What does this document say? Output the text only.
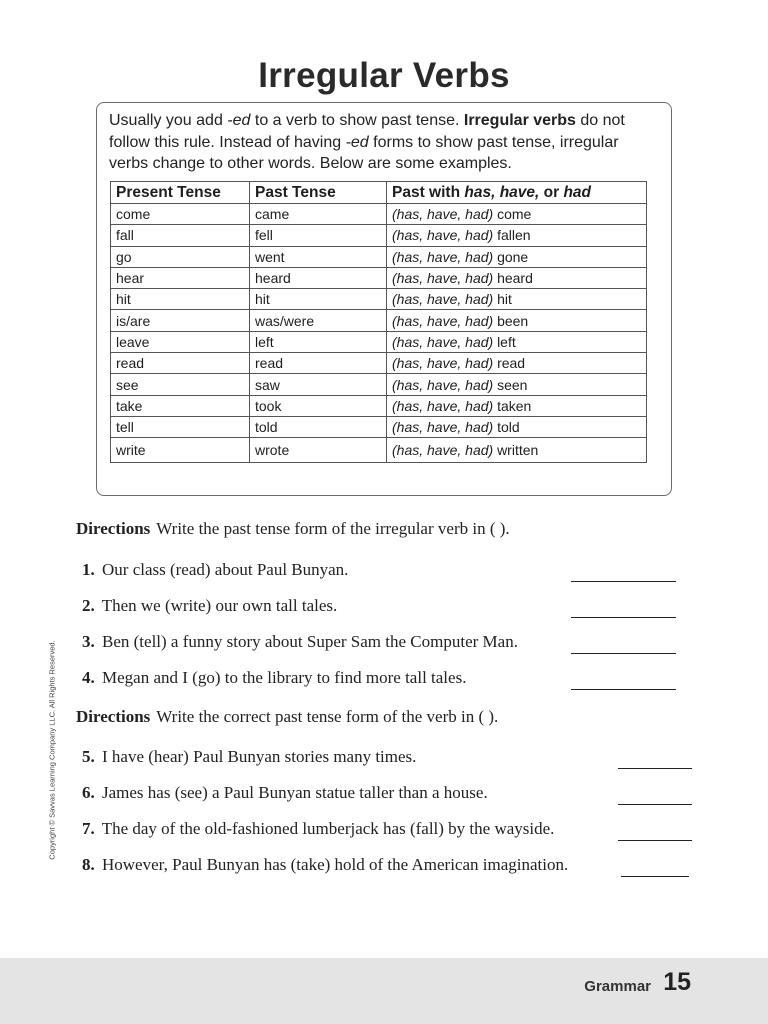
Irregular Verbs
Usually you add -ed to a verb to show past tense. Irregular verbs do not follow this rule. Instead of having -ed forms to show past tense, irregular verbs change to other words. Below are some examples.
Present Tense	Past Tense	Past with has, have, or had
come	came	(has, have, had) come
fall	fell	(has, have, had) fallen
go	went	(has, have, had) gone
hear	heard	(has, have, had) heard
hit	hit	(has, have, had) hit
is/are	was/were	(has, have, had) been
leave	left	(has, have, had) left
read	read	(has, have, had) read
see	saw	(has, have, had) seen
take	took	(has, have, had) taken
tell	told	(has, have, had) told
write	wrote	(has, have, had) written
Directions Write the past tense form of the irregular verb in ( ).
1. Our class (read) about Paul Bunyan.
2. Then we (write) our own tall tales.
3. Ben (tell) a funny story about Super Sam the Computer Man.
4. Megan and I (go) to the library to find more tall tales.
Directions Write the correct past tense form of the verb in ( ).
5. I have (hear) Paul Bunyan stories many times.
6. James has (see) a Paul Bunyan statue taller than a house.
7. The day of the old-fashioned lumberjack has (fall) by the wayside.
8. However, Paul Bunyan has (take) hold of the American imagination.
Copyright © Savvas Learning Company LLC. All Rights Reserved.
Grammar 15
